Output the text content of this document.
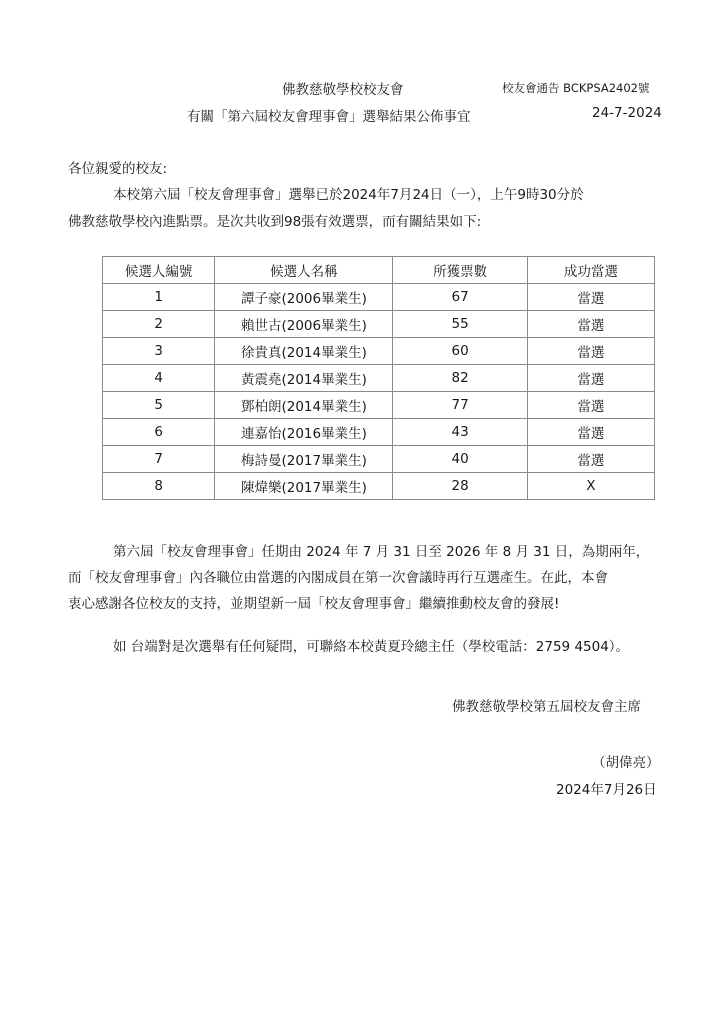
佛教慈敬學校校友會	校友會通告 BCKPSA2402號
有關「第六屆校友會理事會」選舉結果公佈事宜	24-7-2024
各位親愛的校友:
本校第六屆「校友會理事會」選舉已於2024年7月24日（一），上午9時30分於
佛教慈敬學校內進點票。是次共收到98張有效選票，而有關結果如下:
候選人編號	候選人名稱	所獲票數	成功當選
1	譚子豪(2006畢業生)	67	當選
2	賴世古(2006畢業生)	55	當選
3	徐貴真(2014畢業生)	60	當選
4	黃震堯(2014畢業生)	82	當選
5	鄧柏朗(2014畢業生)	77	當選
6	連嘉怡(2016畢業生)	43	當選
7	梅詩曼(2017畢業生)	40	當選
8	陳煒樂(2017畢業生)	28	X
第六屆「校友會理事會」任期由 2024 年 7 月 31 日至 2026 年 8 月 31 日，為期兩年，
而「校友會理事會」內各職位由當選的內閣成員在第一次會議時再行互選產生。在此，本會
衷心感謝各位校友的支持，並期望新一屆「校友會理事會」繼續推動校友會的發展!
如 台端對是次選舉有任何疑問，可聯絡本校黃夏玲總主任（學校電話：2759 4504）。
佛教慈敬學校第五屆校友會主席
（胡偉亮）
2024年7月26日
